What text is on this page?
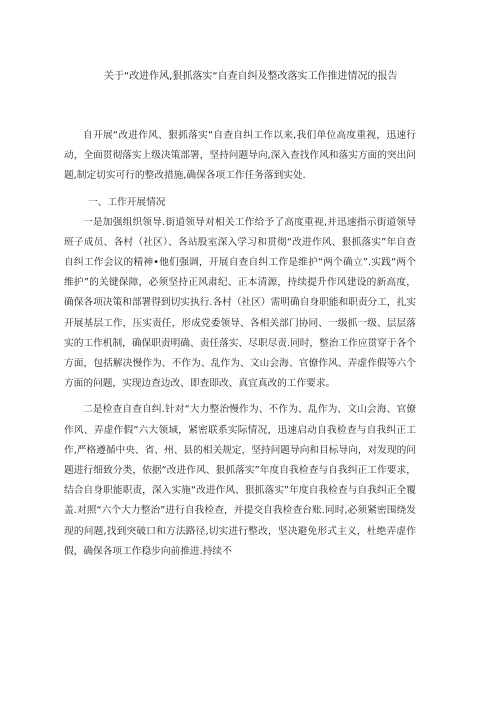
关于“改进作风,狠抓落实“自查自纠及整改落实工作推进情况的报告

自开展“改进作风、狠抓落实“自查自纠工作以来,我们单位高度重视，迅速行动，全面贯彻落实上级决策部署，坚持问题导向,深入查找作风和落实方面的突出问题,制定切实可行的整改措施,确保各项工作任务落到实处.

一、工作开展情况

一是加强组织领导.街道领导对相关工作给予了高度重视,并迅速指示街道领导班子成员、各村（社区）、各站股室深入学习和贯彻“改进作风、狠抓落实”年自查自纠工作会议的精神•他们强调，开展自查自纠工作是维护“两个确立”.实践“两个维护”的关键保障，必须坚持正风肃纪、正本清源，持续提升作风建设的新高度，确保各项决策和部署得到切实执行.各村（社区）需明确自身职能和职责分工，扎实开展基层工作，压实责任，形成党委领导、各相关部门协同、一级抓一级、层层落实的工作机制，确保职责明确、责任落实、尽职尽责.同时，整治工作应贯穿于各个方面，包括解决慢作为、不作为、乱作为、文山会海、官僚作风、弄虚作假等六个方面的问题，实现边查边改、即查即改、真宜真改的工作要求。

二是检查自查自纠.针对“大力整治慢作为、不作为、乱作为、文山会海、官僚作风、弄虚作假”六大领域，紧密联系实际情况，迅速启动自我检查与自我纠正工作,严格遵循中央、省、州、县的相关规定，坚持问题导向和目标导向，对发现的问题进行细致分类，依据“改进作风、狠抓落实”年度自我检查与自我纠正工作要求，结合自身职能职责，深入实施“改进作风、狠抓落实”年度自我检查与自我纠正全覆盖.对照“六个大力整治”进行自我检查，并提交自我检查台账.同时,必须紧密围绕发现的问题,找到突破口和方法路径,切实进行整改，坚决避免形式主义，杜绝弄虚作假，确保各项工作稳步向前推进.持续不
